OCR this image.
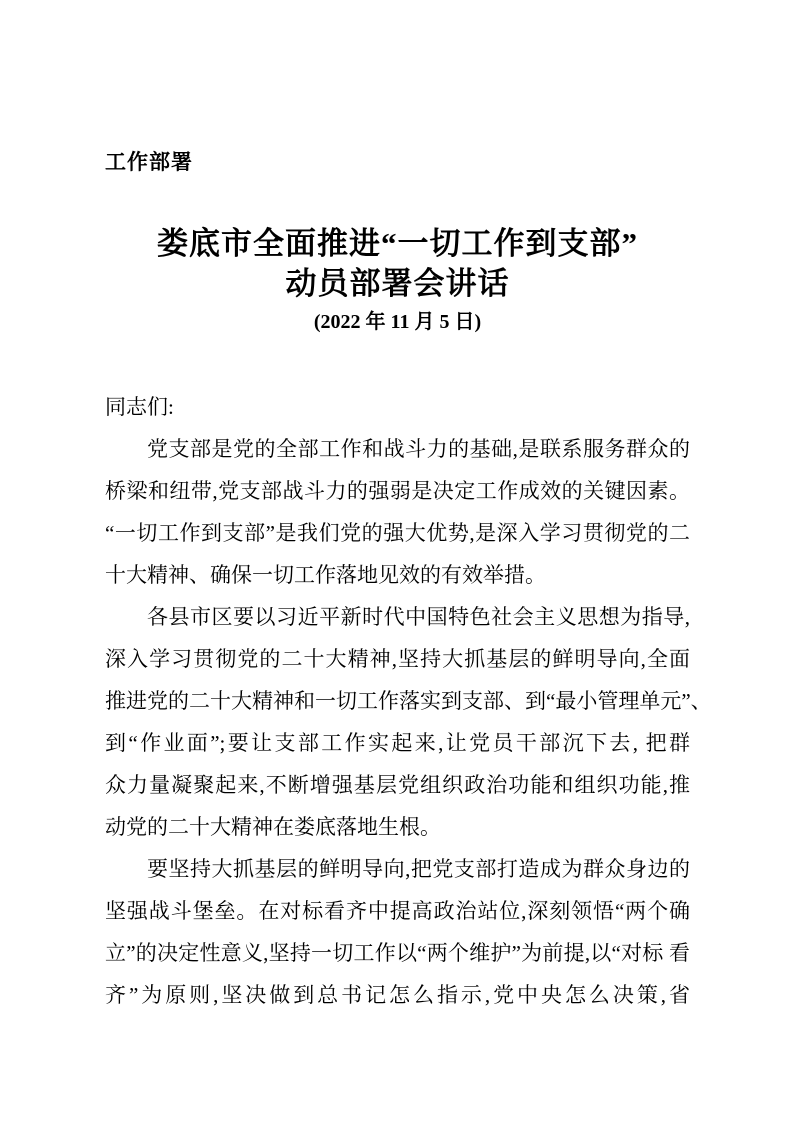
工作部署
娄底市全面推进“一切工作到支部”
动员部署会讲话
(2022 年 11 月 5 日)
同志们:
党支部是党的全部工作和战斗力的基础,是联系服务群众的
桥梁和纽带,党支部战斗力的强弱是决定工作成效的关键因素。
“一切工作到支部”是我们党的强大优势,是深入学习贯彻党的二
十大精神、确保一切工作落地见效的有效举措。
各县市区要以习近平新时代中国特色社会主义思想为指导,
深入学习贯彻党的二十大精神,坚持大抓基层的鲜明导向,全面
推进党的二十大精神和一切工作落实到支部、到“最小管理单元”、
到“作业面”;要让支部工作实起来,让党员干部沉下去, 把群
众力量凝聚起来,不断增强基层党组织政治功能和组织功能,推
动党的二十大精神在娄底落地生根。
要坚持大抓基层的鲜明导向,把党支部打造成为群众身边的
坚强战斗堡垒。在对标看齐中提高政治站位,深刻领悟“两个确
立”的决定性意义,坚持一切工作以“两个维护”为前提,以“对标 看
齐”为原则,坚决做到总书记怎么指示,党中央怎么决策,省
